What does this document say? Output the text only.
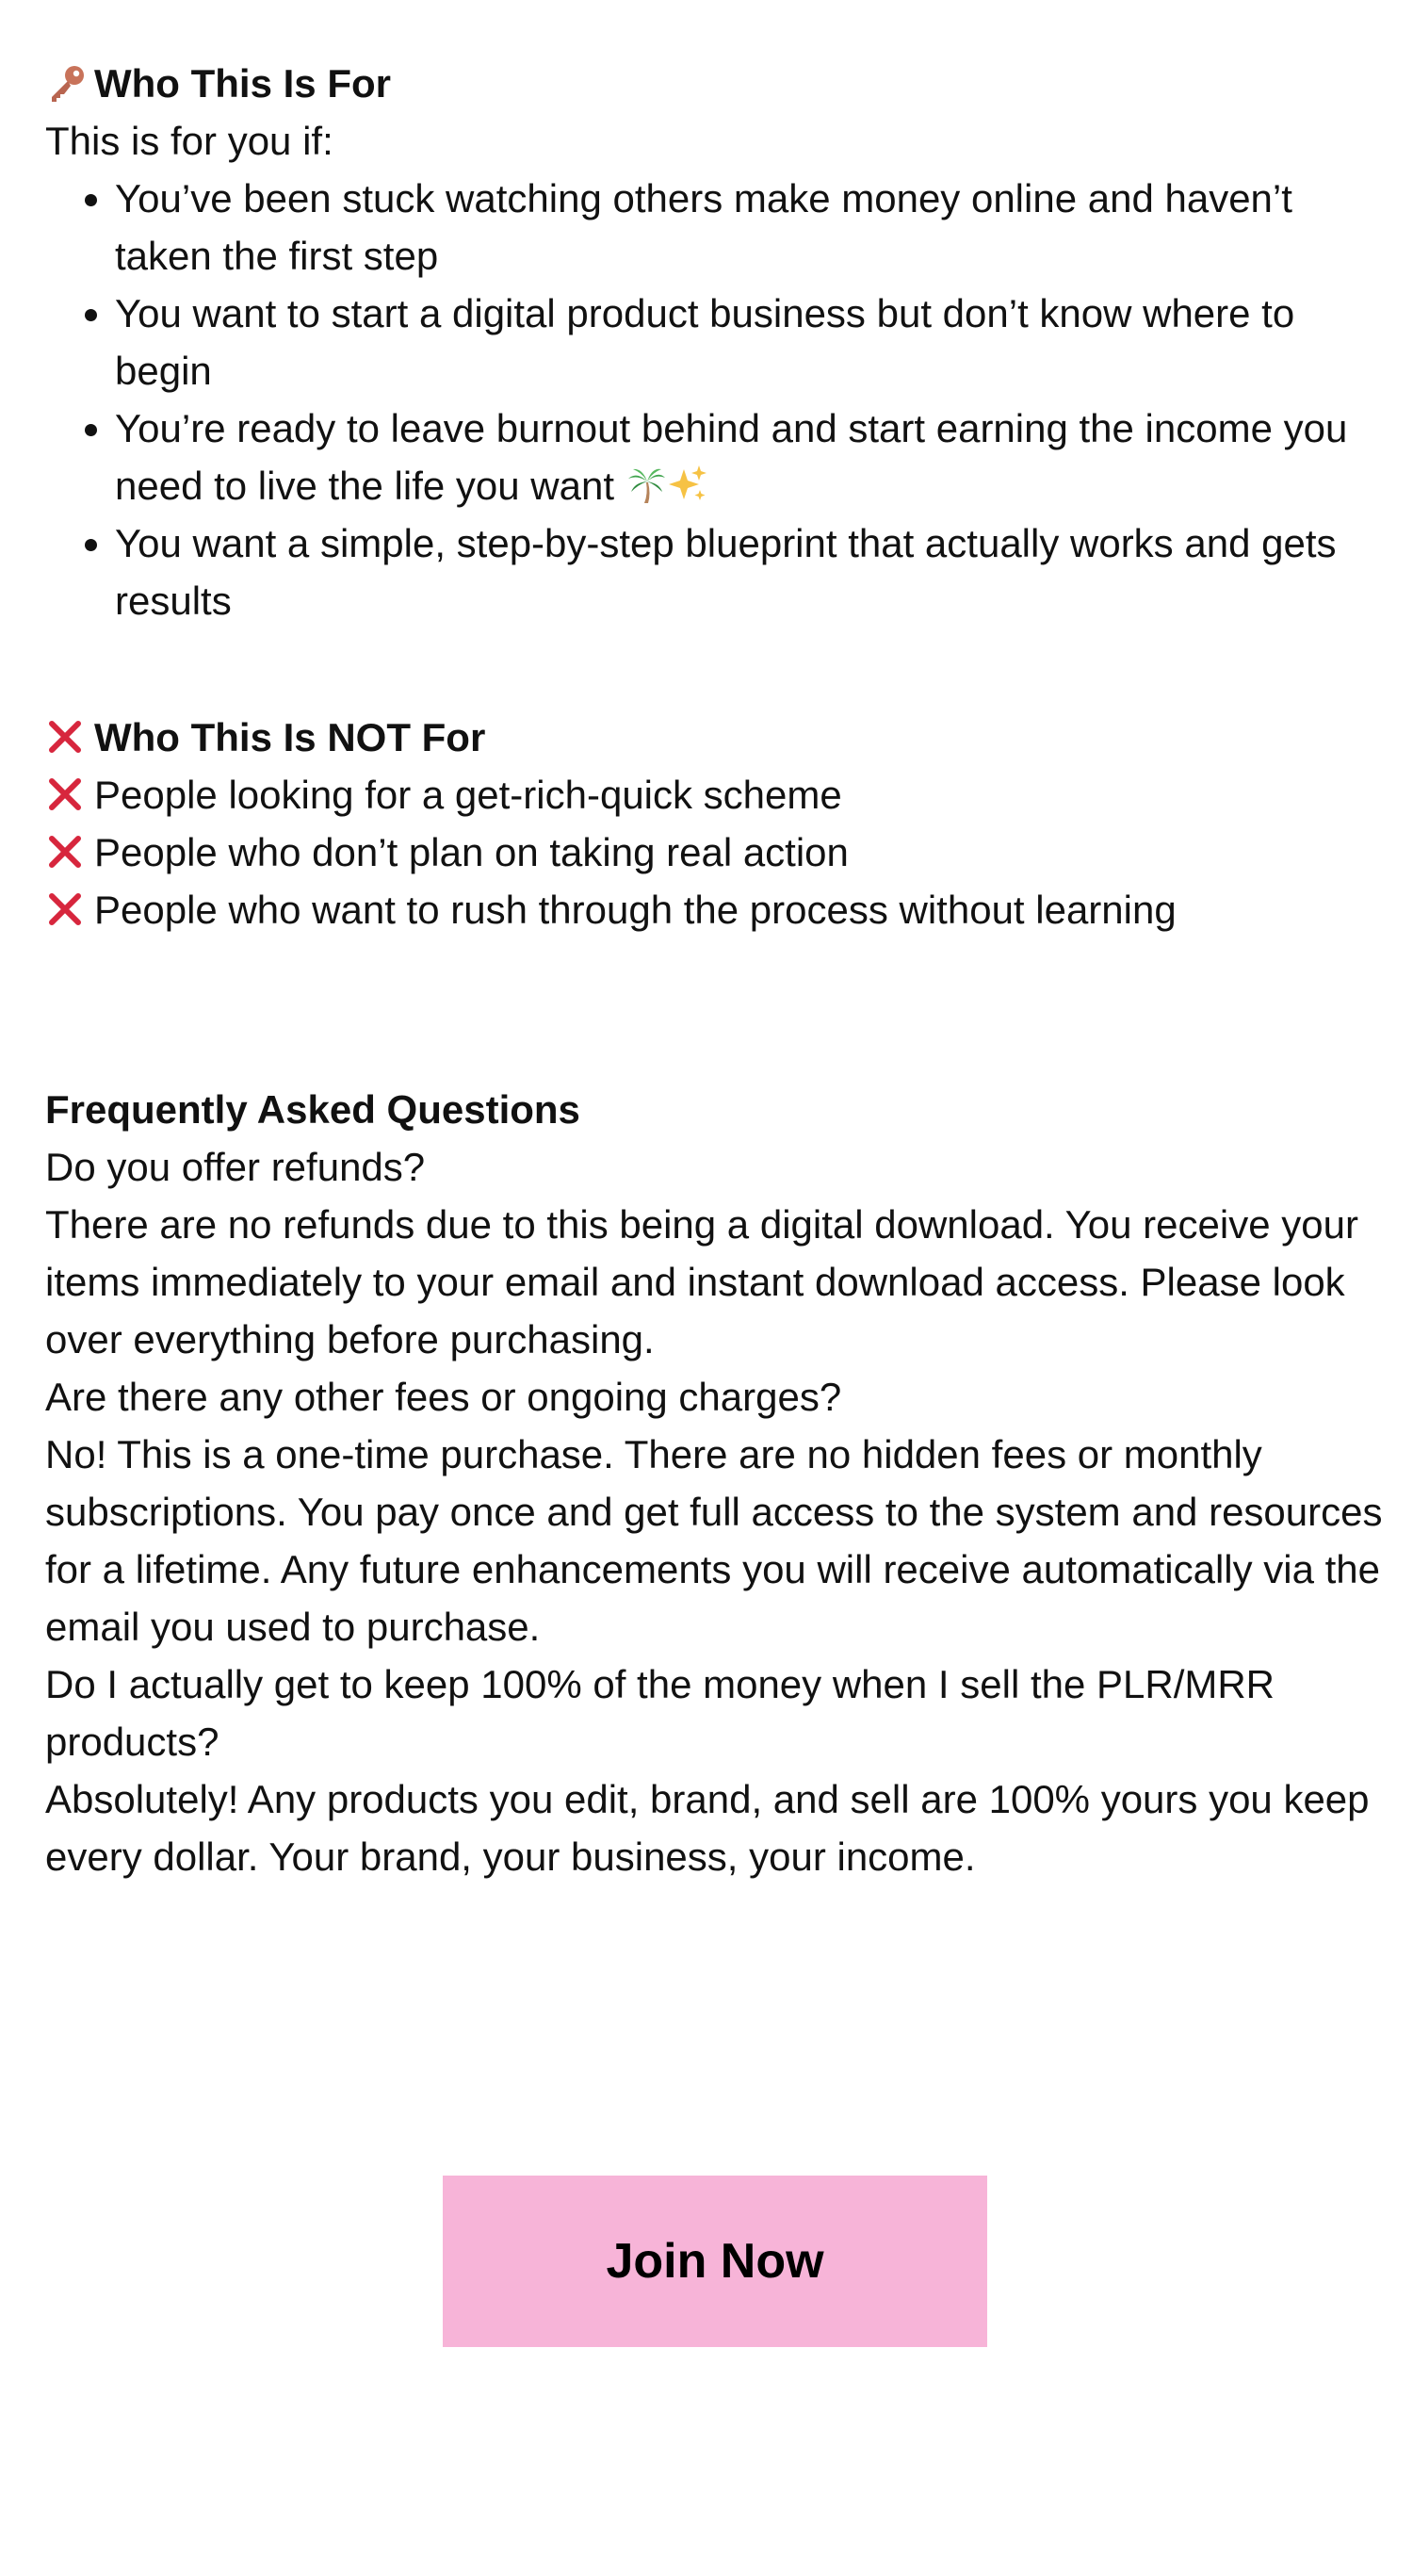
Who This Is For

This is for you if:

• You’ve been stuck watching others make money online and haven’t taken the first step
• You want to start a digital product business but don’t know where to begin
• You’re ready to leave burnout behind and start earning the income you need to live the life you want
• You want a simple, step-by-step blueprint that actually works and gets results

Who This Is NOT For

People looking for a get-rich-quick scheme

People who don’t plan on taking real action

People who want to rush through the process without learning

Frequently Asked Questions

Do you offer refunds?

There are no refunds due to this being a digital download. You receive your items immediately to your email and instant download access. Please look over everything before purchasing.

Are there any other fees or ongoing charges?

No! This is a one-time purchase. There are no hidden fees or monthly subscriptions. You pay once and get full access to the system and resources for a lifetime. Any future enhancements you will receive automatically via the email you used to purchase.

Do I actually get to keep 100% of the money when I sell the PLR/MRR products?

Absolutely! Any products you edit, brand, and sell are 100% yours you keep every dollar. Your brand, your business, your income.

Join Now
